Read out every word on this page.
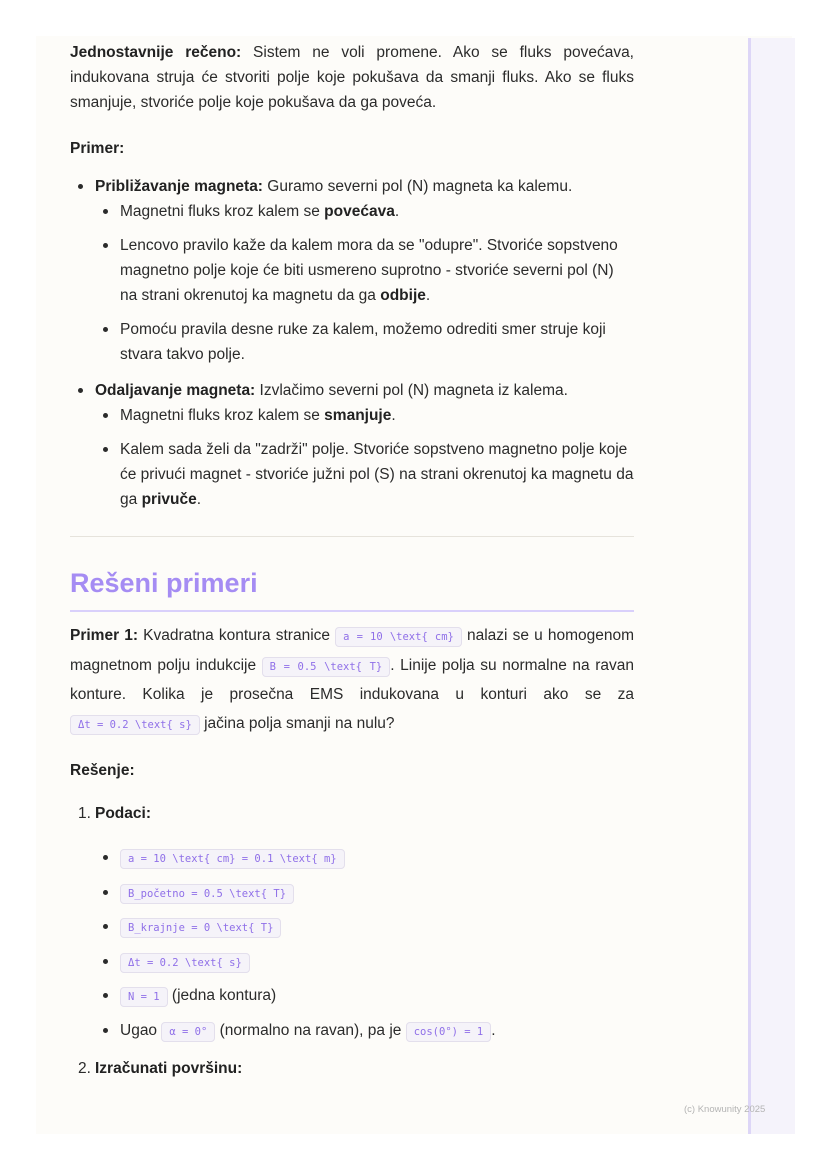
Jednostavnije rečeno: Sistem ne voli promene. Ako se fluks povećava, indukovana struja će stvoriti polje koje pokušava da smanji fluks. Ako se fluks smanjuje, stvoriće polje koje pokušava da ga poveća.

Primer:

Približavanje magneta: Guramo severni pol (N) magneta ka kalemu.
Magnetni fluks kroz kalem se povećava.
Lencovo pravilo kaže da kalem mora da se "odupre". Stvoriće sopstveno magnetno polje koje će biti usmereno suprotno - stvoriće severni pol (N) na strani okrenutoj ka magnetu da ga odbije.
Pomoću pravila desne ruke za kalem, možemo odrediti smer struje koji stvara takvo polje.
Odaljavanje magneta: Izvlačimo severni pol (N) magneta iz kalema.
Magnetni fluks kroz kalem se smanjuje.
Kalem sada želi da "zadrži" polje. Stvoriće sopstveno magnetno polje koje će privući magnet - stvoriće južni pol (S) na strani okrenutoj ka magnetu da ga privuče.
Rešeni primeri

Primer 1: Kvadratna kontura stranice a = 10 \text{ cm} nalazi se u homogenom magnetnom polju indukcije B = 0.5 \text{ T} . Linije polja su normalne na ravan konture. Kolika je prosečna EMS indukovana u konturi ako se za Δt = 0.2 \text{ s} jačina polja smanji na nulu?

Rešenje:

1. Podaci:
a = 10 \text{ cm} = 0.1 \text{ m}
B_početno = 0.5 \text{ T}
B_krajnje = 0 \text{ T}
Δt = 0.2 \text{ s}
N = 1 (jedna kontura)
Ugao α = 0° (normalno na ravan), pa je cos(0°) = 1 .
2. Izračunati površinu:
(c) Knowunity 2025
